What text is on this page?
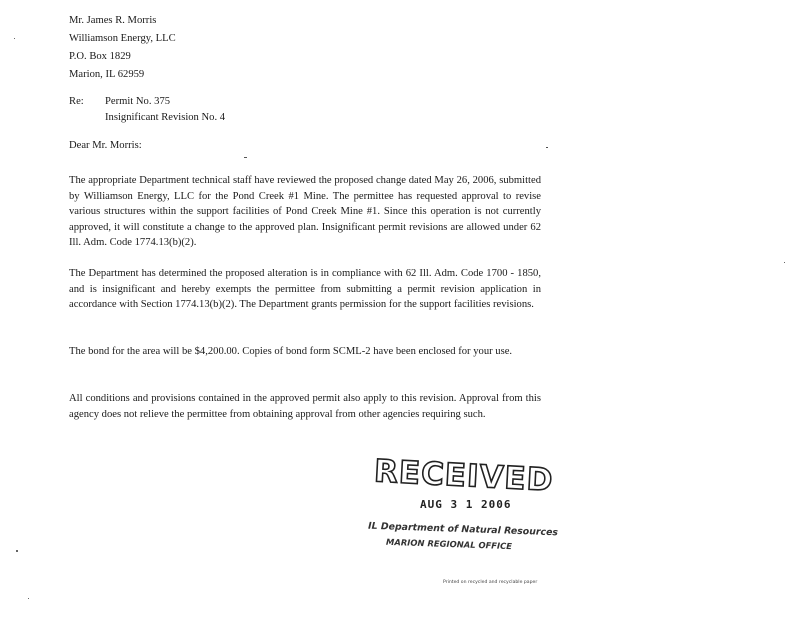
Mr. James R. Morris
Williamson Energy, LLC
P.O. Box 1829
Marion, IL 62959
Re: Permit No. 375
Insignificant Revision No. 4
Dear Mr. Morris:

The appropriate Department technical staff have reviewed the proposed change dated May 26, 2006, submitted by Williamson Energy, LLC for the Pond Creek #1 Mine. The permittee has requested approval to revise various structures within the support facilities of Pond Creek Mine #1. Since this operation is not currently approved, it will constitute a change to the approved plan. Insignificant permit revisions are allowed under 62 Ill. Adm. Code 1774.13(b)(2).

The Department has determined the proposed alteration is in compliance with 62 Ill. Adm. Code 1700 - 1850, and is insignificant and hereby exempts the permittee from submitting a permit revision application in accordance with Section 1774.13(b)(2). The Department grants permission for the support facilities revisions.

The bond for the area will be $4,200.00. Copies of bond form SCML-2 have been enclosed for your use.

All conditions and provisions contained in the approved permit also apply to this revision. Approval from this agency does not relieve the permittee from obtaining approval from other agencies requiring such.

RECEIVED
AUG 3 1 2006
IL Department of Natural Resources
MARION REGIONAL OFFICE
Printed on recycled and recyclable paper
